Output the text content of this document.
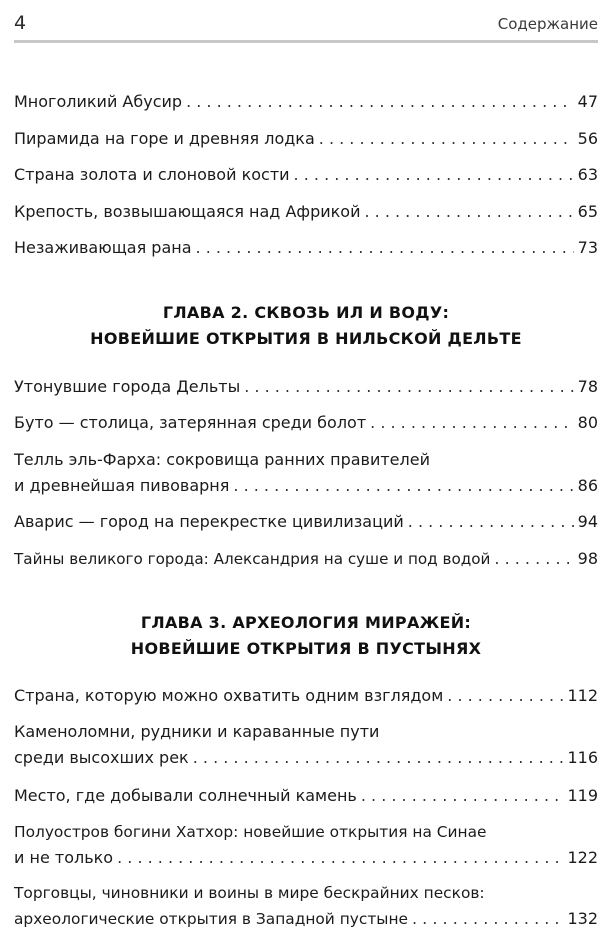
4	Содержание
Многоликий Абусир . . .	47
Пирамида на горе и древняя лодка . . .	56
Страна золота и слоновой кости . . .	63
Крепость, возвышающаяся над Африкой . . .	65
Незаживающая рана . . .	73
ГЛАВА 2. СКВОЗЬ ИЛ И ВОДУ:
НОВЕЙШИЕ ОТКРЫТИЯ В НИЛЬСКОЙ ДЕЛЬТЕ
Утонувшие города Дельты . . .	78
Буто — столица, затерянная среди болот . . .	80
Телль эль-Фарха: сокровища ранних правителей
и древнейшая пивоварня . . .	86
Аварис — город на перекрестке цивилизаций . . .	94
Тайны великого города: Александрия на суше и под водой . . .	98
ГЛАВА 3. АРХЕОЛОГИЯ МИРАЖЕЙ:
НОВЕЙШИЕ ОТКРЫТИЯ В ПУСТЫНЯХ
Страна, которую можно охватить одним взглядом . . .	112
Каменоломни, рудники и караванные пути
среди высохших рек . . .	116
Место, где добывали солнечный камень . . .	119
Полуостров богини Хатхор: новейшие открытия на Синае
и не только . . .	122
Торговцы, чиновники и воины в мире бескрайних песков:
археологические открытия в Западной пустыне . . .	132
